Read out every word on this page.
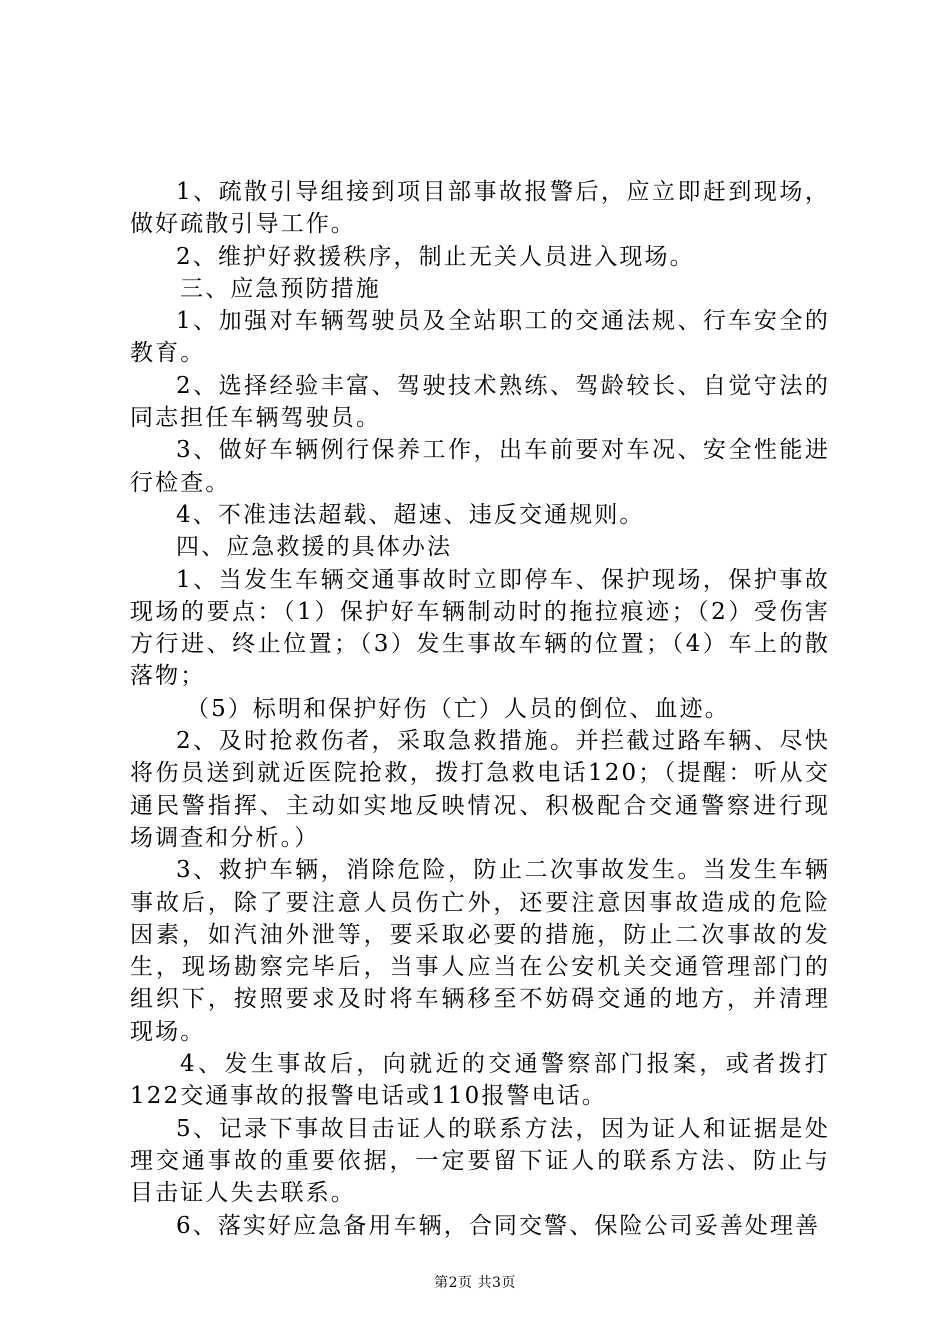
1、疏散引导组接到项目部事故报警后，应立即赶到现场，做好疏散引导工作。

2、维护好救援秩序，制止无关人员进入现场。

三、应急预防措施

1、加强对车辆驾驶员及全站职工的交通法规、行车安全的教育。

2、选择经验丰富、驾驶技术熟练、驾龄较长、自觉守法的同志担任车辆驾驶员。

3、做好车辆例行保养工作，出车前要对车况、安全性能进行检查。

4、不准违法超载、超速、违反交通规则。

四、应急救援的具体办法

1、当发生车辆交通事故时立即停车、保护现场，保护事故现场的要点：（1）保护好车辆制动时的拖拉痕迹；（2）受伤害方行进、终止位置；（3）发生事故车辆的位置；（4）车上的散落物；

（5）标明和保护好伤（亡）人员的倒位、血迹。

2、及时抢救伤者，采取急救措施。并拦截过路车辆、尽快将伤员送到就近医院抢救，拨打急救电话120；（提醒：听从交通民警指挥、主动如实地反映情况、积极配合交通警察进行现场调查和分析。）

3、救护车辆，消除危险，防止二次事故发生。当发生车辆事故后，除了要注意人员伤亡外，还要注意因事故造成的危险因素，如汽油外泄等，要采取必要的措施，防止二次事故的发生，现场勘察完毕后，当事人应当在公安机关交通管理部门的组织下，按照要求及时将车辆移至不妨碍交通的地方，并清理现场。

4、发生事故后，向就近的交通警察部门报案，或者拨打122交通事故的报警电话或110报警电话。

5、记录下事故目击证人的联系方法，因为证人和证据是处理交通事故的重要依据，一定要留下证人的联系方法、防止与目击证人失去联系。

6、落实好应急备用车辆，合同交警、保险公司妥善处理善

第2页 共3页
